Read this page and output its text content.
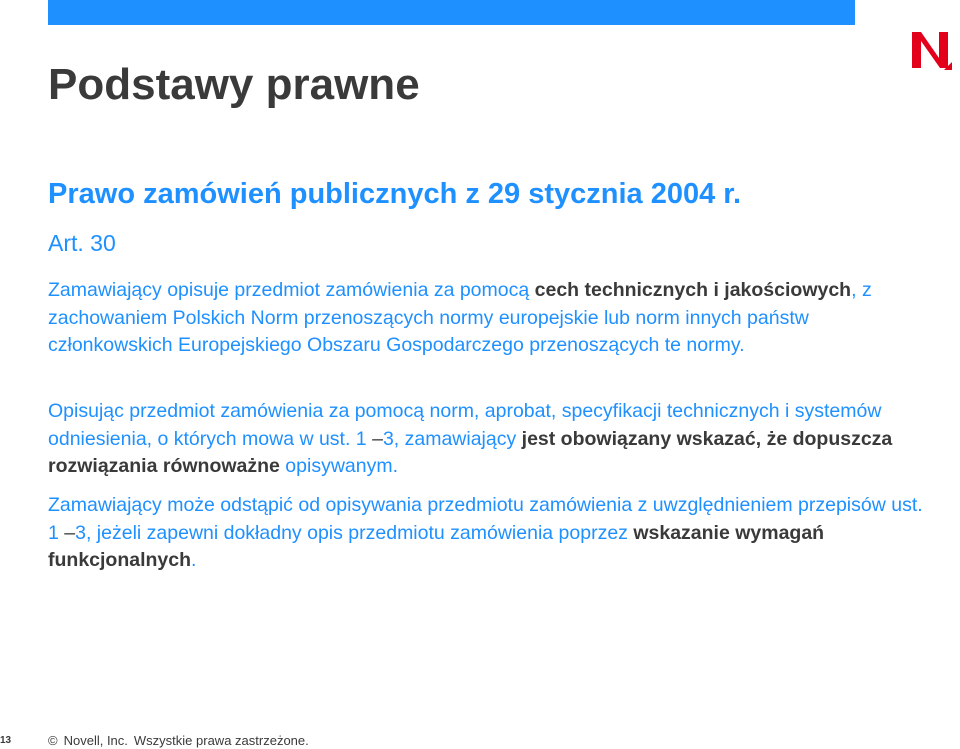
Podstawy prawne
Prawo zamówień publicznych z 29 stycznia 2004 r.
Art. 30

Zamawiający opisuje przedmiot zamówienia za pomocą cech technicznych i jakościowych, z zachowaniem Polskich Norm przenoszących normy europejskie lub norm innych państw członkowskich Europejskiego Obszaru Gospodarczego przenoszących te normy.

Opisując przedmiot zamówienia za pomocą norm, aprobat, specyfikacji technicznych i systemów odniesienia, o których mowa w ust. 1 –3, zamawiający jest obowiązany wskazać, że dopuszcza rozwiązania równoważne opisywanym.

Zamawiający może odstąpić od opisywania przedmiotu zamówienia z uwzględnieniem przepisów ust. 1 –3, jeżeli zapewni dokładny opis przedmiotu zamówienia poprzez wskazanie wymagań funkcjonalnych.

13	© Novell, Inc. Wszystkie prawa zastrzeżone.
